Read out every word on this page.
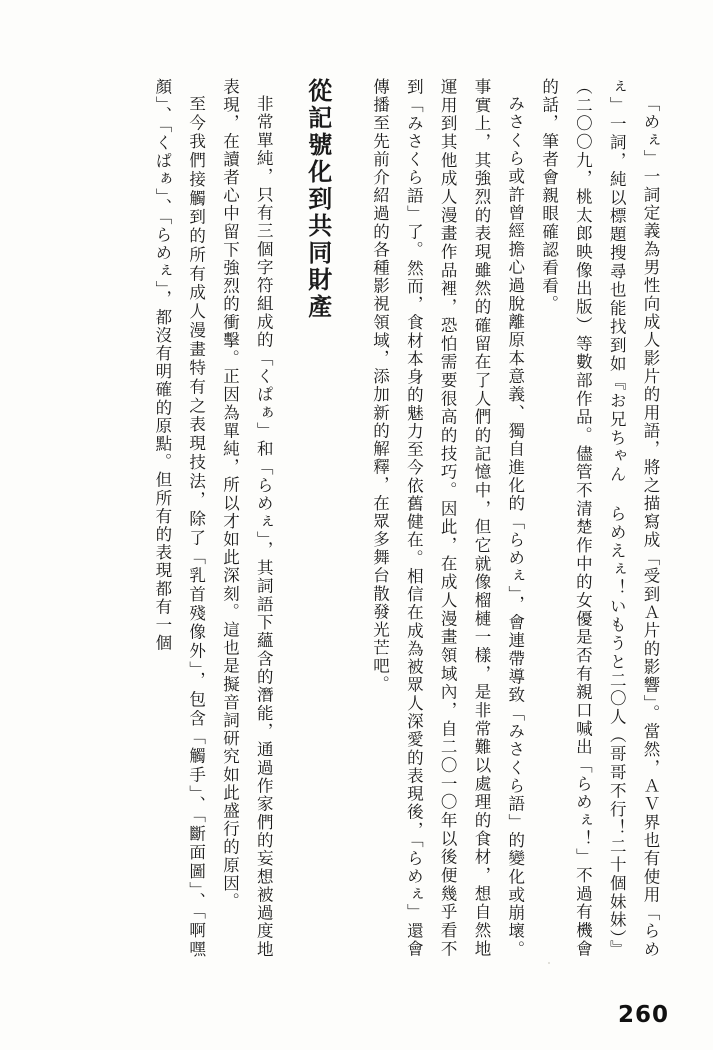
「めぇ」一詞定義為男性向成人影片的用語，將之描寫成「受到Ａ片的影響」。當然，ＡＶ界也有使用「らめぇ」一詞，純以標題搜尋也能找到如『お兄ちゃん らめえぇ！いもうと二〇人（哥哥不行！二十個妹妹）』（二〇〇九，桃太郎映像出版）等數部作品。儘管不清楚作中的女優是否有親口喊出「らめぇ！」不過有機會的話，筆者會親眼確認看看。

みさくら或許曾經擔心過脫離原本意義、獨自進化的「らめぇ」，會連帶導致「みさくら語」的變化或崩壞。事實上，其強烈的表現雖然的確留在了人們的記憶中，但它就像榴槤一樣，是非常難以處理的食材，想自然地運用到其他成人漫畫作品裡，恐怕需要很高的技巧。因此，在成人漫畫領域內，自二〇一〇年以後便幾乎看不到「みさくら語」了。然而，食材本身的魅力至今依舊健在。相信在成為被眾人深愛的表現後，「らめぇ」還會傳播至先前介紹過的各種影視領域，添加新的解釋，在眾多舞台散發光芒吧。

從記號化到共同財產

非常單純，只有三個字符組成的「くぱぁ」和「らめぇ」，其詞語下蘊含的潛能，通過作家們的妄想被過度地表現，在讀者心中留下強烈的衝擊。正因為單純，所以才如此深刻。這也是擬音詞研究如此盛行的原因。

至今我們接觸到的所有成人漫畫特有之表現技法，除了「乳首殘像外」，包含「觸手」、「斷面圖」、「啊嘿顏」、「くぱぁ」、「らめぇ」，都沒有明確的原點。但所有的表現都有一個

260
